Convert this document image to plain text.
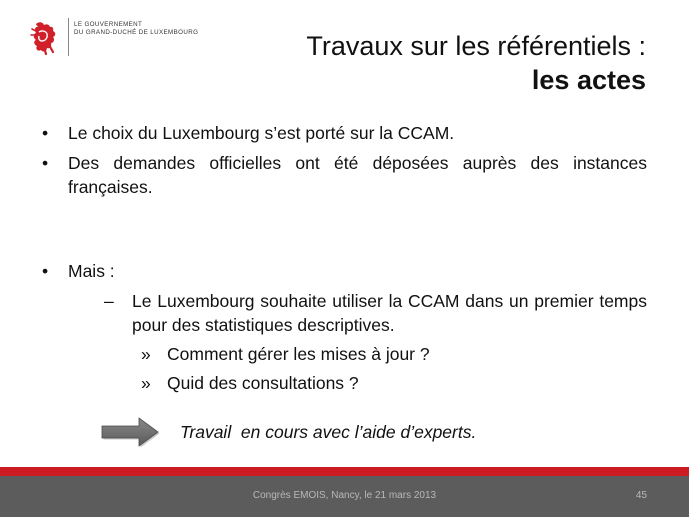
LE GOUVERNEMENT
DU GRAND-DUCHÉ DE LUXEMBOURG	Travaux sur les référentiels :
les actes
• Le choix du Luxembourg s’est porté sur la CCAM.
• Des demandes officielles ont été déposées auprès des instances françaises.
• Mais :
– Le Luxembourg souhaite utiliser la CCAM dans un premier temps pour des statistiques descriptives.
» Comment gérer les mises à jour ?
» Quid des consultations ?
Travail  en cours avec l’aide d’experts.
Congrès EMOIS, Nancy, le 21 mars 2013	45
